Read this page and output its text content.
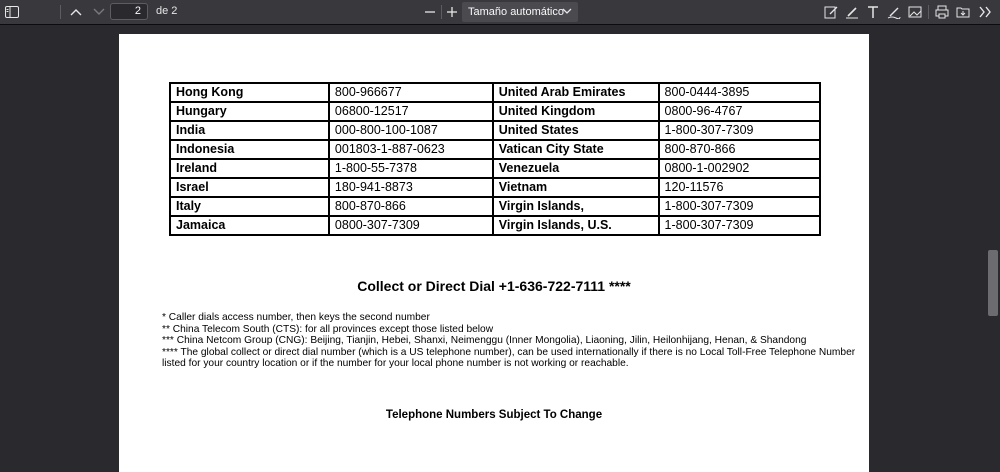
2	de 2	Tamaño automático
Hong Kong	800-966677	United Arab Emirates	800-0444-3895
Hungary	06800-12517	United Kingdom	0800-96-4767
India	000-800-100-1087	United States	1-800-307-7309
Indonesia	001803-1-887-0623	Vatican City State	800-870-866
Ireland	1-800-55-7378	Venezuela	0800-1-002902
Israel	180-941-8873	Vietnam	120-11576
Italy	800-870-866	Virgin Islands,	1-800-307-7309
Jamaica	0800-307-7309	Virgin Islands, U.S.	1-800-307-7309
Collect or Direct Dial +1-636-722-7111 ****
* Caller dials access number, then keys the second number
** China Telecom South (CTS): for all provinces except those listed below
*** China Netcom Group (CNG): Beijing, Tianjin, Hebei, Shanxi, Neimenggu (Inner Mongolia), Liaoning, Jilin, Heilonhijang, Henan, & Shandong
**** The global collect or direct dial number (which is a US telephone number), can be used internationally if there is no Local Toll-Free Telephone Number
listed for your country location or if the number for your local phone number is not working or reachable.
Telephone Numbers Subject To Change
